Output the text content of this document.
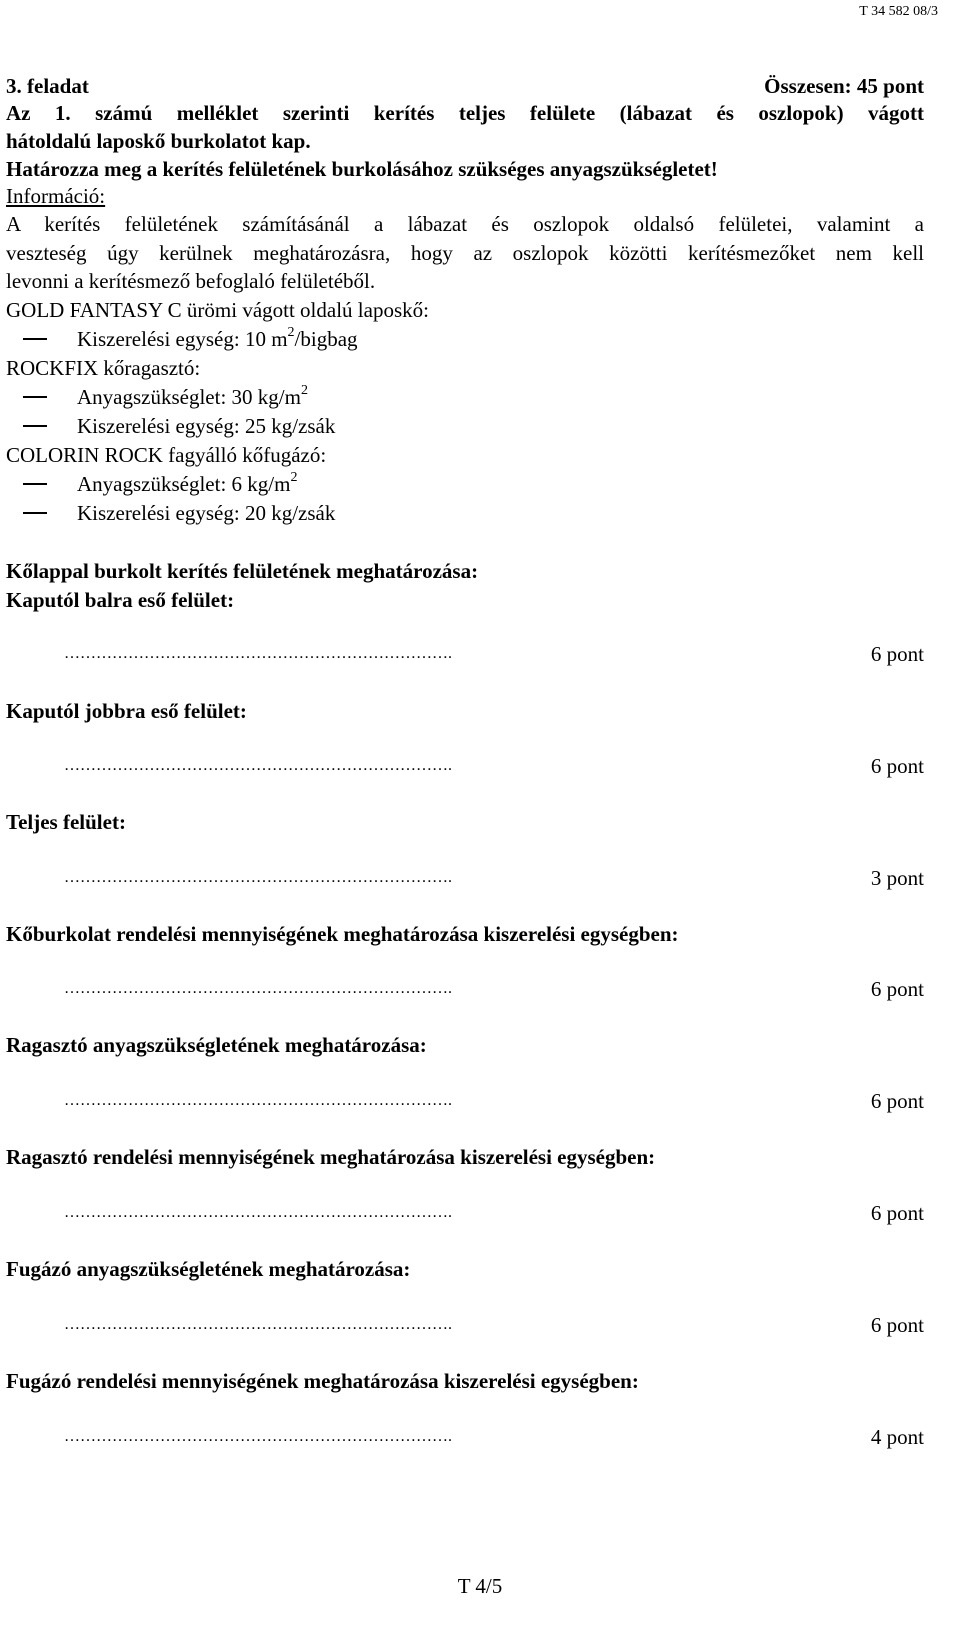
T 34 582 08/3
3. feladat	Összesen: 45 pont
Az 1. számú melléklet szerinti kerítés teljes felülete (lábazat és oszlopok) vágott
hátoldalú laposkő burkolatot kap.
Határozza meg a kerítés felületének burkolásához szükséges anyagszükségletet!
Információ:
A kerítés felületének számításánál a lábazat és oszlopok oldalsó felületei, valamint a
veszteség úgy kerülnek meghatározásra, hogy az oszlopok közötti kerítésmezőket nem kell
levonni a kerítésmező befoglaló felületéből.
GOLD FANTASY C ürömi vágott oldalú laposkő:
Kiszerelési egység: 10 $m^2$/bigbag
ROCKFIX kőragasztó:
Anyagszükséglet: 30 $kg/m^2$
Kiszerelési egység: 25 kg/zsák
COLORIN ROCK fagyálló kőfugázó:
Anyagszükséglet: 6 $kg/m^2$
Kiszerelési egység: 20 kg/zsák
Kőlappal burkolt kerítés felületének meghatározása:
Kaputól balra eső felület:
……………………………………………………………….	6 pont
Kaputól jobbra eső felület:
……………………………………………………………….	6 pont
Teljes felület:
……………………………………………………………….	3 pont
Kőburkolat rendelési mennyiségének meghatározása kiszerelési egységben:
……………………………………………………………….	6 pont
Ragasztó anyagszükségletének meghatározása:
……………………………………………………………….	6 pont
Ragasztó rendelési mennyiségének meghatározása kiszerelési egységben:
……………………………………………………………….	6 pont
Fugázó anyagszükségletének meghatározása:
……………………………………………………………….	6 pont
Fugázó rendelési mennyiségének meghatározása kiszerelési egységben:
……………………………………………………………….	4 pont
T 4/5
